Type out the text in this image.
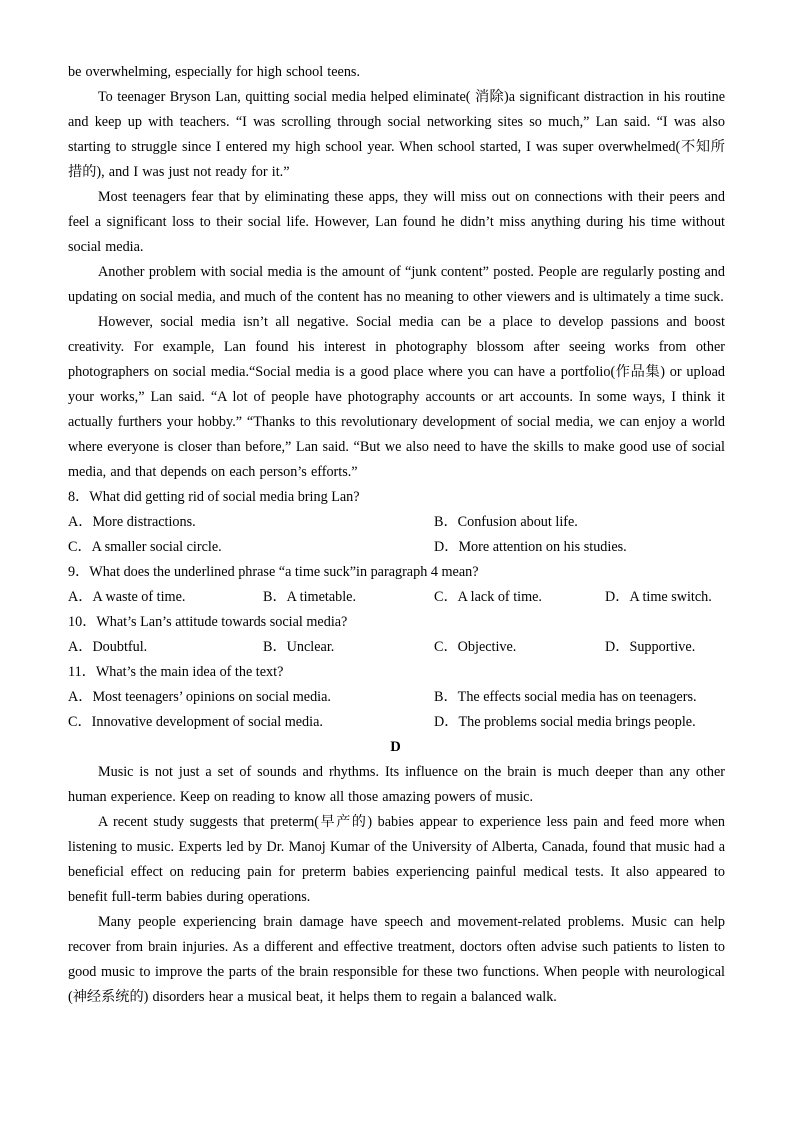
be overwhelming, especially for high school teens.

To teenager Bryson Lan, quitting social media helped eliminate( 消除)a significant distraction in his routine and keep up with teachers. “I was scrolling through social networking sites so much,” Lan said. “I was also starting to struggle since I entered my high school year. When school started, I was super overwhelmed(不知所措的), and I was just not ready for it.”

Most teenagers fear that by eliminating these apps, they will miss out on connections with their peers and feel a significant loss to their social life. However, Lan found he didn’t miss anything during his time without social media.

Another problem with social media is the amount of “junk content” posted. People are regularly posting and updating on social media, and much of the content has no meaning to other viewers and is ultimately a time suck.

However, social media isn’t all negative. Social media can be a place to develop passions and boost creativity. For example, Lan found his interest in photography blossom after seeing works from other photographers on social media.“Social media is a good place where you can have a portfolio(作品集) or upload your works,” Lan said. “A lot of people have photography accounts or art accounts. In some ways, I think it actually furthers your hobby.” “Thanks to this revolutionary development of social media, we can enjoy a world where everyone is closer than before,” Lan said. “But we also need to have the skills to make good use of social media, and that depends on each person’s efforts.”

8．What did getting rid of social media bring Lan?

A．More distractions.	B．Confusion about life.
C．A smaller social circle.	D．More attention on his studies.

9．What does the underlined phrase “a time suck”in paragraph 4 mean?

A．A waste of time.	B．A timetable.	C．A lack of time.	D．A time switch.

10．What’s Lan’s attitude towards social media?

A．Doubtful.	B．Unclear.	C．Objective.	D．Supportive.

11．What’s the main idea of the text?

A．Most teenagers’ opinions on social media.	B．The effects social media has on teenagers.
C．Innovative development of social media.	D．The problems social media brings people.

D

Music is not just a set of sounds and rhythms. Its influence on the brain is much deeper than any other human experience. Keep on reading to know all those amazing powers of music.

A recent study suggests that preterm(早产的) babies appear to experience less pain and feed more when listening to music. Experts led by Dr. Manoj Kumar of the University of Alberta, Canada, found that music had a beneficial effect on reducing pain for preterm babies experiencing painful medical tests. It also appeared to benefit full-term babies during operations.

Many people experiencing brain damage have speech and movement-related problems. Music can help recover from brain injuries. As a different and effective treatment, doctors often advise such patients to listen to good music to improve the parts of the brain responsible for these two functions. When people with neurological (神经系统的) disorders hear a musical beat, it helps them to regain a balanced walk.
